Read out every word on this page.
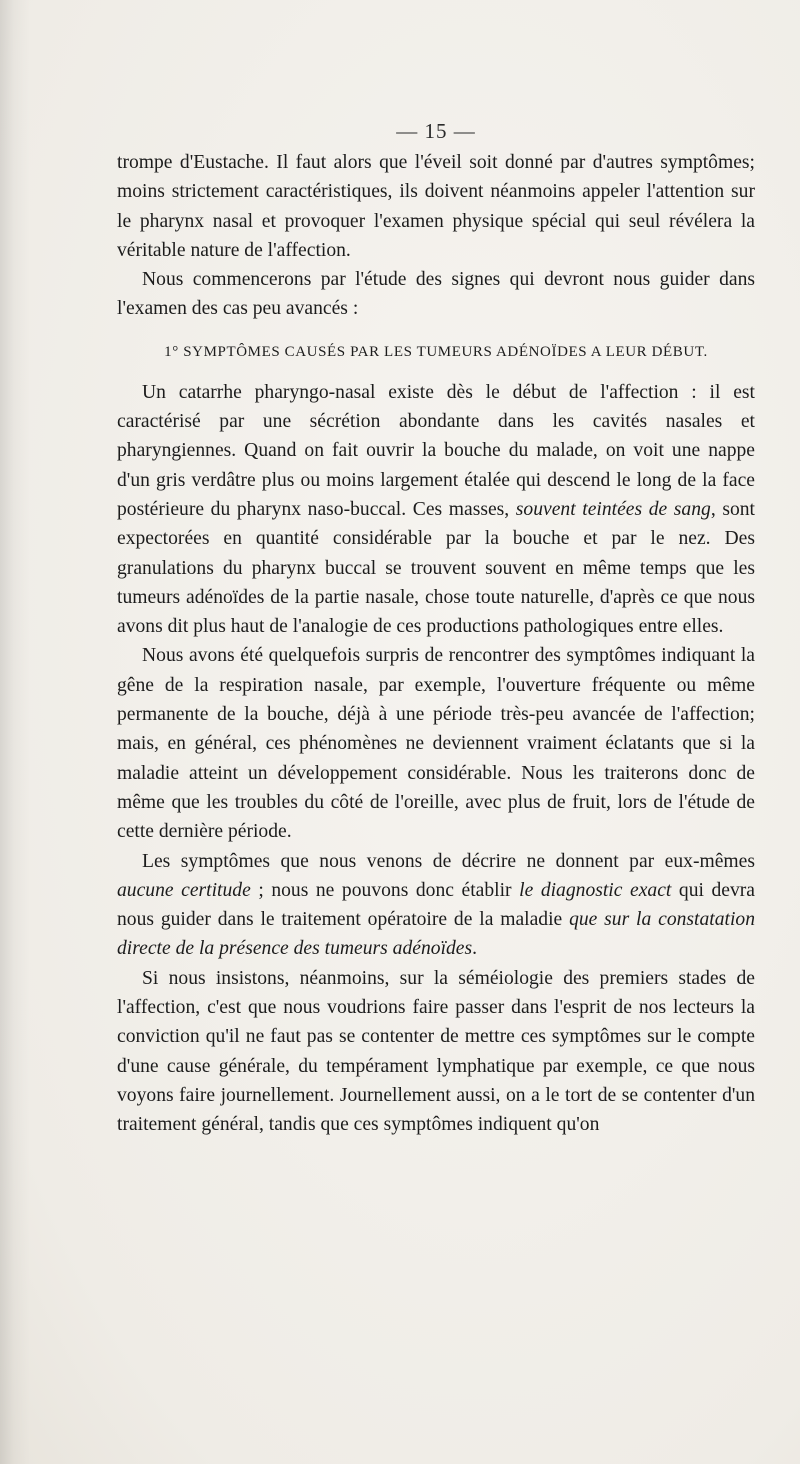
— 15 —

trompe d'Eustache. Il faut alors que l'éveil soit donné par d'autres symptômes; moins strictement caractéristiques, ils doivent néanmoins appeler l'attention sur le pharynx nasal et provoquer l'examen physique spécial qui seul révélera la véritable nature de l'affection.

Nous commencerons par l'étude des signes qui devront nous guider dans l'examen des cas peu avancés :

1° SYMPTÔMES CAUSÉS PAR LES TUMEURS ADÉNOÏDES A LEUR DÉBUT.

Un catarrhe pharyngo-nasal existe dès le début de l'affection : il est caractérisé par une sécrétion abondante dans les cavités nasales et pharyngiennes. Quand on fait ouvrir la bouche du malade, on voit une nappe d'un gris verdâtre plus ou moins largement étalée qui descend le long de la face postérieure du pharynx naso-buccal. Ces masses, souvent teintées de sang, sont expectorées en quantité considérable par la bouche et par le nez. Des granulations du pharynx buccal se trouvent souvent en même temps que les tumeurs adénoïdes de la partie nasale, chose toute naturelle, d'après ce que nous avons dit plus haut de l'analogie de ces productions pathologiques entre elles.

Nous avons été quelquefois surpris de rencontrer des symptômes indiquant la gêne de la respiration nasale, par exemple, l'ouverture fréquente ou même permanente de la bouche, déjà à une période très-peu avancée de l'affection; mais, en général, ces phénomènes ne deviennent vraiment éclatants que si la maladie atteint un développement considérable. Nous les traiterons donc de même que les troubles du côté de l'oreille, avec plus de fruit, lors de l'étude de cette dernière période.

Les symptômes que nous venons de décrire ne donnent par eux-mêmes aucune certitude ; nous ne pouvons donc établir le diagnostic exact qui devra nous guider dans le traitement opératoire de la maladie que sur la constatation directe de la présence des tumeurs adénoïdes.

Si nous insistons, néanmoins, sur la séméiologie des premiers stades de l'affection, c'est que nous voudrions faire passer dans l'esprit de nos lecteurs la conviction qu'il ne faut pas se contenter de mettre ces symptômes sur le compte d'une cause générale, du tempérament lymphatique par exemple, ce que nous voyons faire journellement. Journellement aussi, on a le tort de se contenter d'un traitement général, tandis que ces symptômes indiquent qu'on
